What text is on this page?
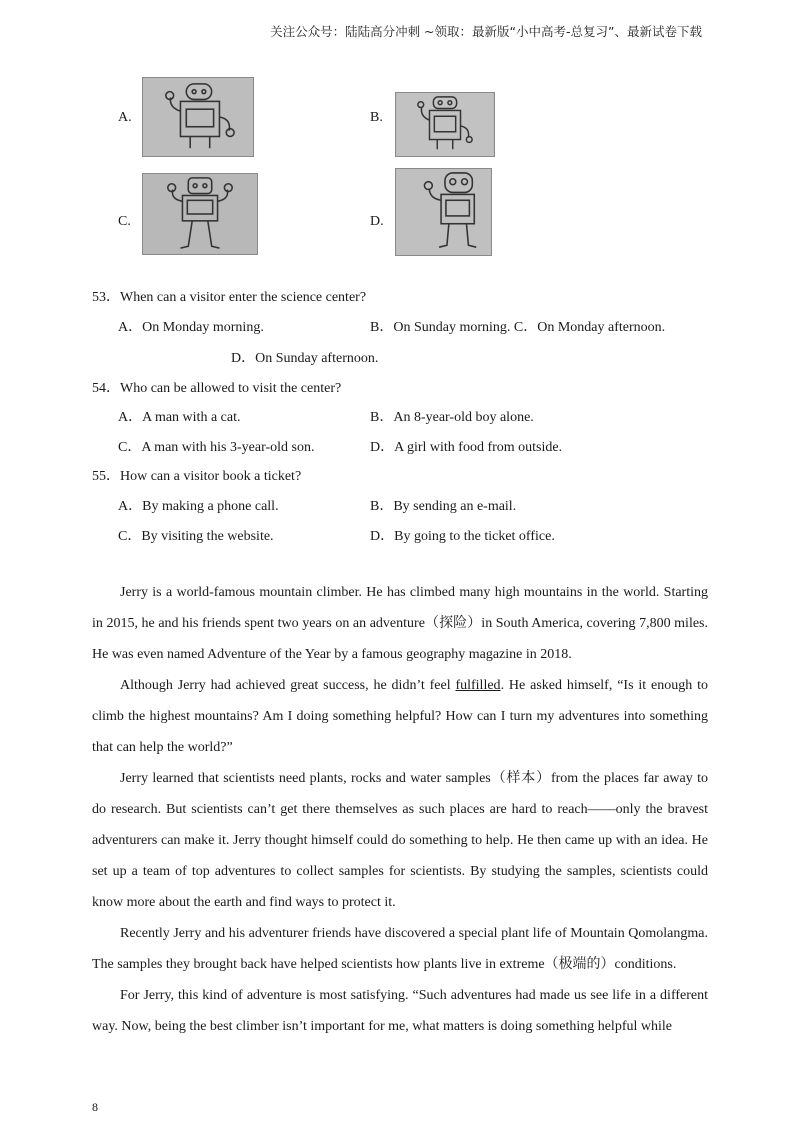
关注公众号：陆陆高分冲刺 ~领取：最新版“小中高考-总复习”、最新试卷下载
A.	B.
C.	D.
53．When can a visitor enter the science center?
A．On Monday morning.	B．On Sunday morning. C．On Monday afternoon.
D．On Sunday afternoon.
54．Who can be allowed to visit the center?
A．A man with a cat.	B．An 8-year-old boy alone.
C．A man with his 3-year-old son.	D．A girl with food from outside.
55．How can a visitor book a ticket?
A．By making a phone call.	B．By sending an e-mail.
C．By visiting the website.	D．By going to the ticket office.

Jerry is a world-famous mountain climber. He has climbed many high mountains in the world. Starting in 2015, he and his friends spent two years on an adventure（探险）in South America, covering 7,800 miles. He was even named Adventure of the Year by a famous geography magazine in 2018.

Although Jerry had achieved great success, he didn’t feel fulfilled. He asked himself, “Is it enough to climb the highest mountains? Am I doing something helpful? How can I turn my adventures into something that can help the world?”

Jerry learned that scientists need plants, rocks and water samples（样本）from the places far away to do research. But scientists can’t get there themselves as such places are hard to reach——only the bravest adventurers can make it. Jerry thought himself could do something to help. He then came up with an idea. He set up a team of top adventures to collect samples for scientists. By studying the samples, scientists could know more about the earth and find ways to protect it.

Recently Jerry and his adventurer friends have discovered a special plant life of Mountain Qomolangma. The samples they brought back have helped scientists how plants live in extreme（极端的）conditions.

For Jerry, this kind of adventure is most satisfying. “Such adventures had made us see life in a different way. Now, being the best climber isn’t important for me, what matters is doing something helpful while

8
